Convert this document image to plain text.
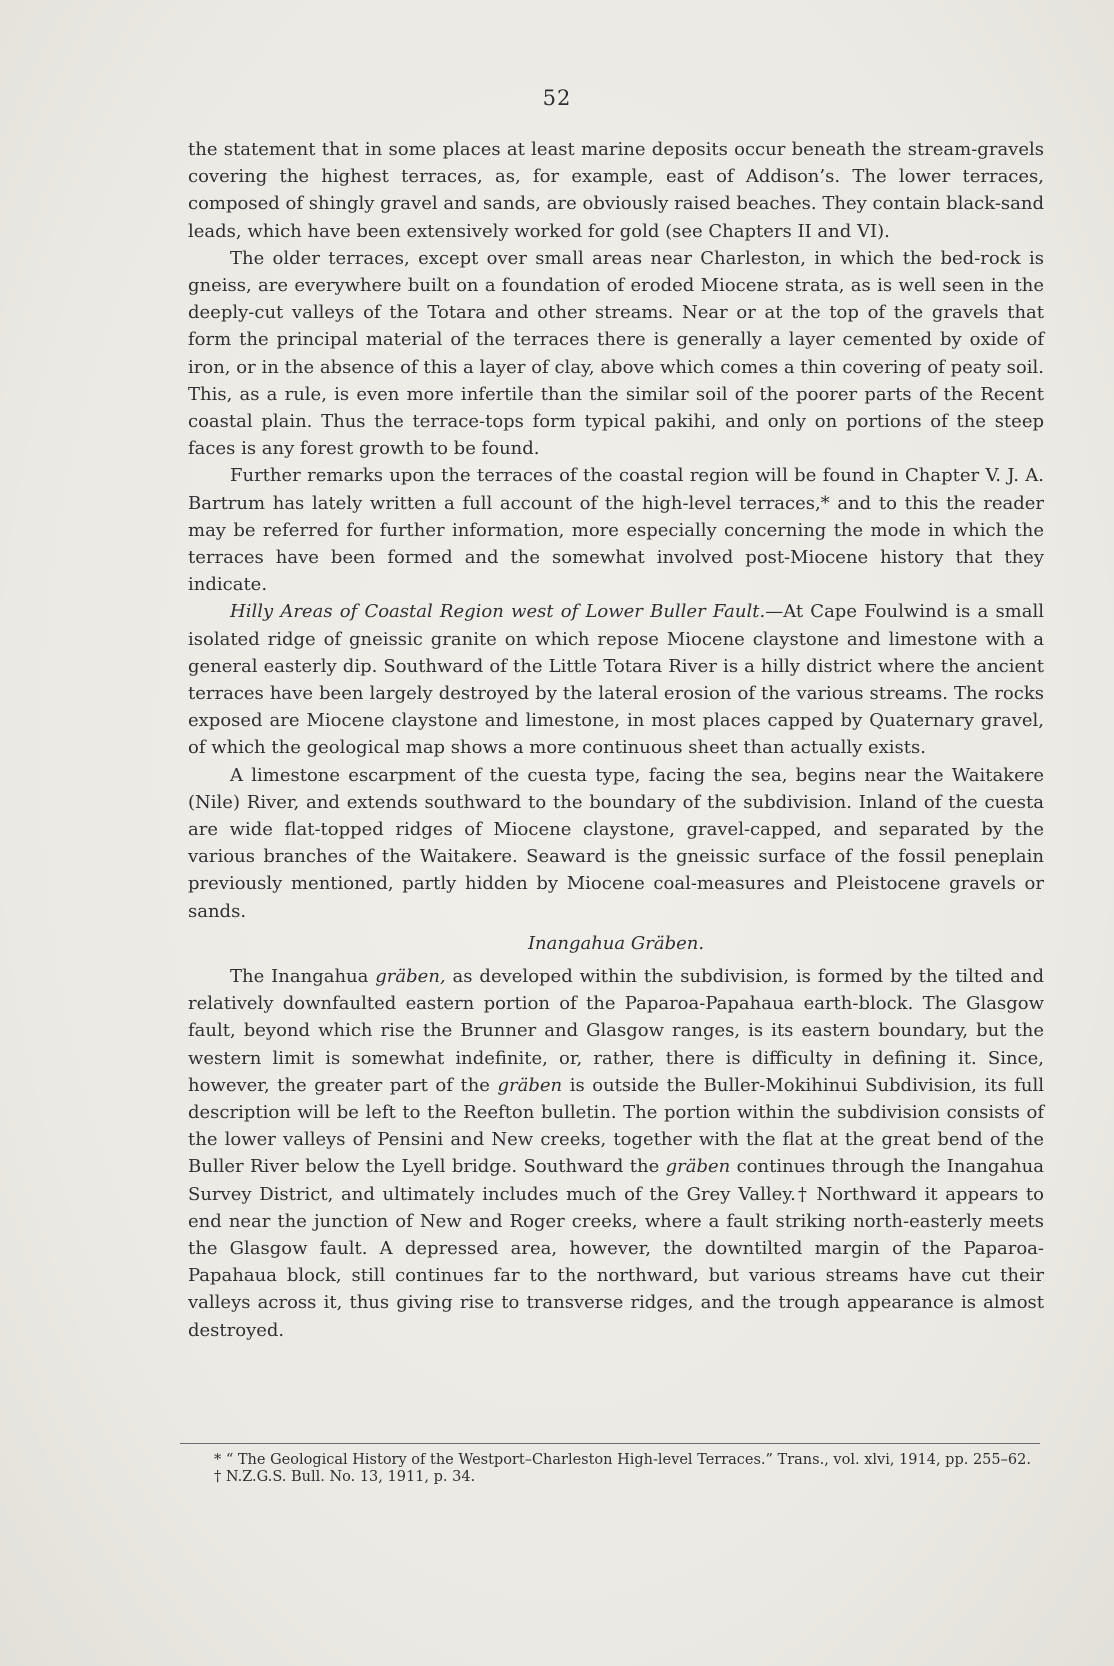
52

the statement that in some places at least marine deposits occur beneath the stream-gravels covering the highest terraces, as, for example, east of Addison’s. The lower terraces, composed of shingly gravel and sands, are obviously raised beaches. They contain black-sand leads, which have been extensively worked for gold (see Chapters II and VI).

The older terraces, except over small areas near Charleston, in which the bed-rock is gneiss, are everywhere built on a foundation of eroded Miocene strata, as is well seen in the deeply-cut valleys of the Totara and other streams. Near or at the top of the gravels that form the principal material of the terraces there is generally a layer cemented by oxide of iron, or in the absence of this a layer of clay, above which comes a thin covering of peaty soil. This, as a rule, is even more infertile than the similar soil of the poorer parts of the Recent coastal plain. Thus the terrace-tops form typical pakihi, and only on portions of the steep faces is any forest growth to be found.

Further remarks upon the terraces of the coastal region will be found in Chapter V. J. A. Bartrum has lately written a full account of the high-level terraces,* and to this the reader may be referred for further information, more especially concerning the mode in which the terraces have been formed and the somewhat involved post-Miocene history that they indicate.

Hilly Areas of Coastal Region west of Lower Buller Fault.—At Cape Foulwind is a small isolated ridge of gneissic granite on which repose Miocene claystone and limestone with a general easterly dip. Southward of the Little Totara River is a hilly district where the ancient terraces have been largely destroyed by the lateral erosion of the various streams. The rocks exposed are Miocene claystone and limestone, in most places capped by Quaternary gravel, of which the geological map shows a more continuous sheet than actually exists.

A limestone escarpment of the cuesta type, facing the sea, begins near the Waitakere (Nile) River, and extends southward to the boundary of the subdivision. Inland of the cuesta are wide flat-topped ridges of Miocene claystone, gravel-capped, and separated by the various branches of the Waitakere. Seaward is the gneissic surface of the fossil peneplain previously mentioned, partly hidden by Miocene coal-measures and Pleistocene gravels or sands.

Inangahua Gräben.

The Inangahua gräben, as developed within the subdivision, is formed by the tilted and relatively downfaulted eastern portion of the Paparoa-Papahaua earth-block. The Glasgow fault, beyond which rise the Brunner and Glasgow ranges, is its eastern boundary, but the western limit is somewhat indefinite, or, rather, there is difficulty in defining it. Since, however, the greater part of the gräben is outside the Buller-Mokihinui Subdivision, its full description will be left to the Reefton bulletin. The portion within the subdivision consists of the lower valleys of Pensini and New creeks, together with the flat at the great bend of the Buller River below the Lyell bridge. Southward the gräben continues through the Inangahua Survey District, and ultimately includes much of the Grey Valley.† Northward it appears to end near the junction of New and Roger creeks, where a fault striking north-easterly meets the Glasgow fault. A depressed area, however, the downtilted margin of the Paparoa-Papahaua block, still continues far to the northward, but various streams have cut their valleys across it, thus giving rise to transverse ridges, and the trough appearance is almost destroyed.

* “ The Geological History of the Westport–Charleston High-level Terraces.” Trans., vol. xlvi, 1914, pp. 255–62.

† N.Z.G.S. Bull. No. 13, 1911, p. 34.
